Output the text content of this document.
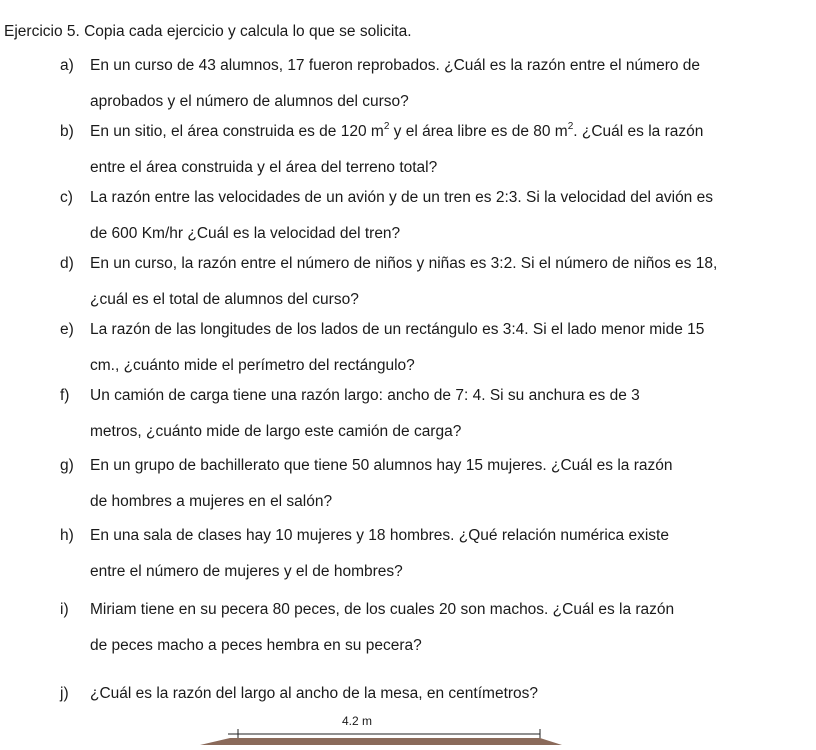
Ejercicio 5. Copia cada ejercicio y calcula lo que se solicita.
a) En un curso de 43 alumnos, 17 fueron reprobados. ¿Cuál es la razón entre el número de
aprobados y el número de alumnos del curso?
b) En un sitio, el área construida es de 120 $m^2$ y el área libre es de 80 $m^2$. ¿Cuál es la razón
entre el área construida y el área del terreno total?
c) La razón entre las velocidades de un avión y de un tren es 2:3. Si la velocidad del avión es
de 600 Km/hr ¿Cuál es la velocidad del tren?
d) En un curso, la razón entre el número de niños y niñas es 3:2. Si el número de niños es 18,
¿cuál es el total de alumnos del curso?
e) La razón de las longitudes de los lados de un rectángulo es 3:4. Si el lado menor mide 15
cm., ¿cuánto mide el perímetro del rectángulo?
f) Un camión de carga tiene una razón largo: ancho de 7: 4. Si su anchura es de 3
metros, ¿cuánto mide de largo este camión de carga?
g) En un grupo de bachillerato que tiene 50 alumnos hay 15 mujeres. ¿Cuál es la razón
de hombres a mujeres en el salón?
h) En una sala de clases hay 10 mujeres y 18 hombres. ¿Qué relación numérica existe
entre el número de mujeres y el de hombres?
i) Miriam tiene en su pecera 80 peces, de los cuales 20 son machos. ¿Cuál es la razón
de peces macho a peces hembra en su pecera?
j) ¿Cuál es la razón del largo al ancho de la mesa, en centímetros?
4.2 m
